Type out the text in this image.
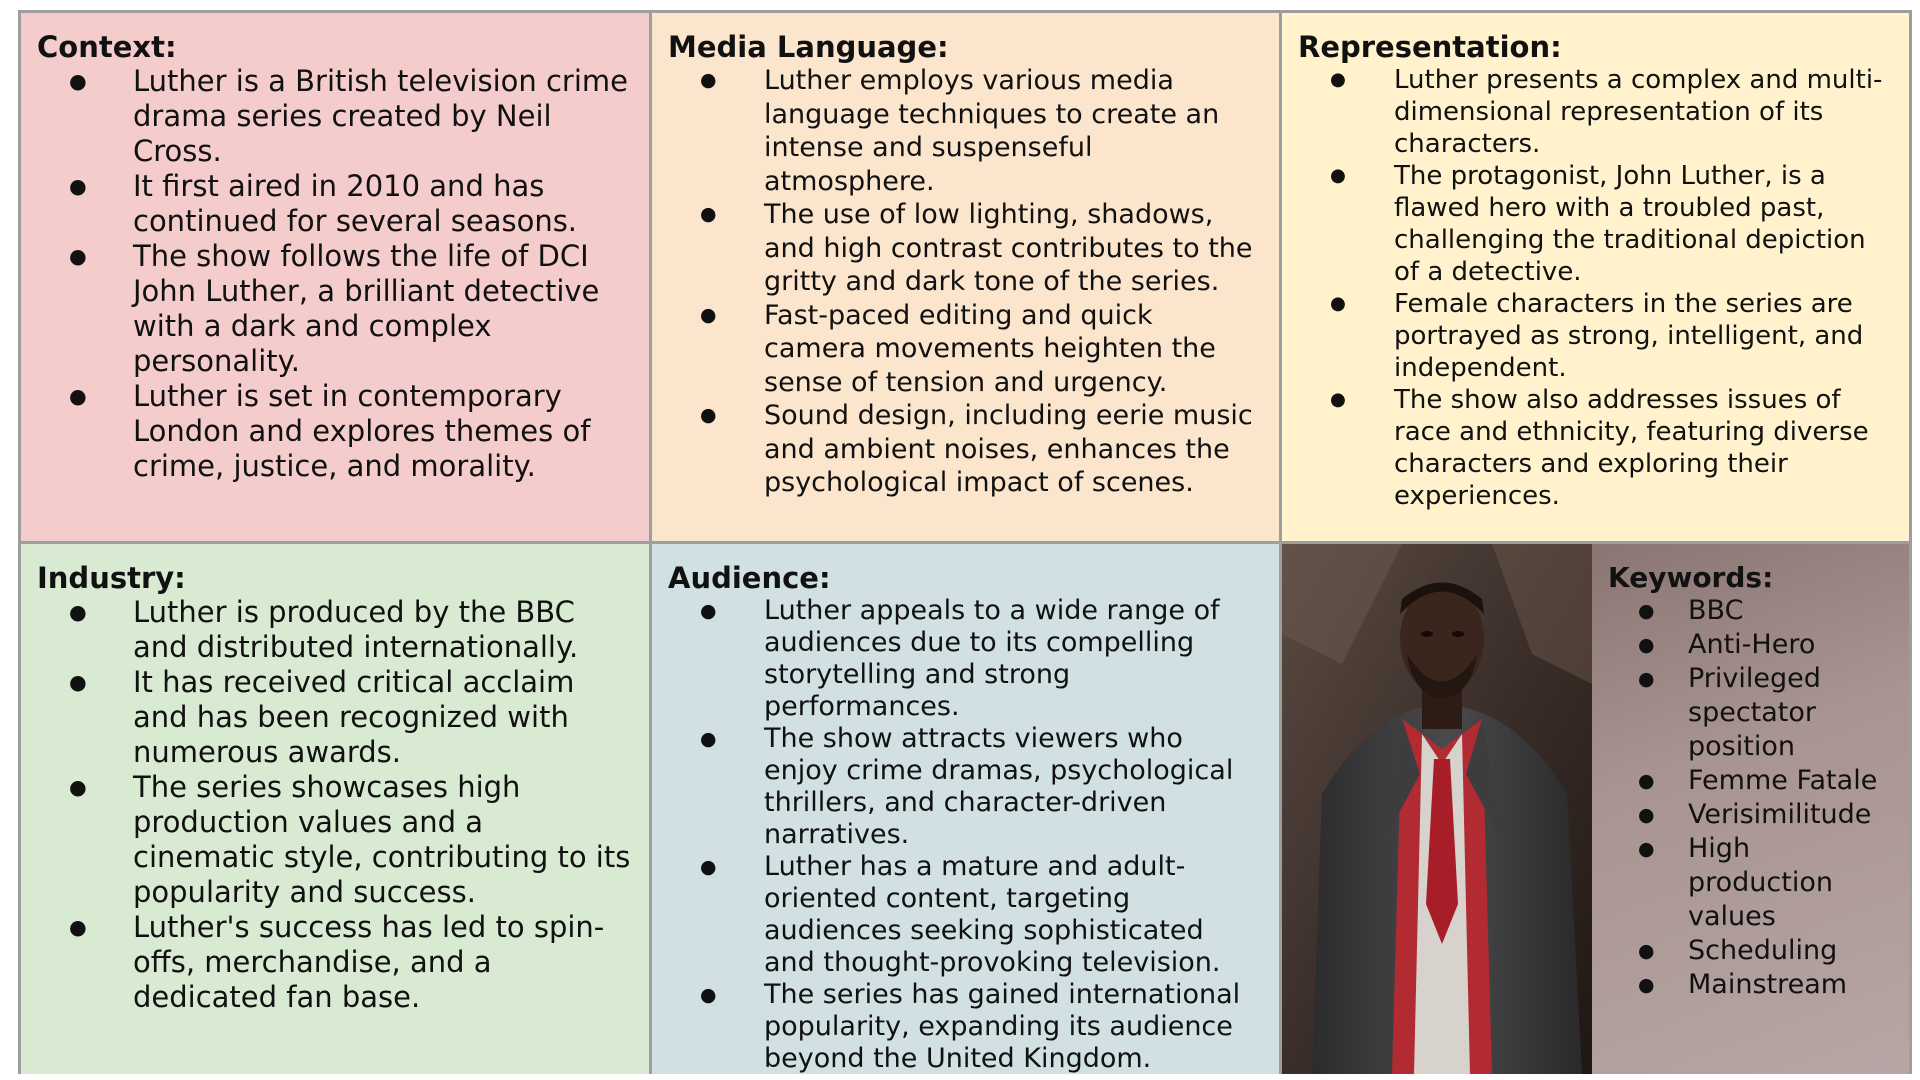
Context:
● Luther is a British television crime drama series created by Neil Cross.
● It first aired in 2010 and has continued for several seasons.
● The show follows the life of DCI John Luther, a brilliant detective with a dark and complex personality.
● Luther is set in contemporary London and explores themes of crime, justice, and morality.
Media Language:
● Luther employs various media language techniques to create an intense and suspenseful atmosphere.
● The use of low lighting, shadows, and high contrast contributes to the gritty and dark tone of the series.
● Fast-paced editing and quick camera movements heighten the sense of tension and urgency.
● Sound design, including eerie music and ambient noises, enhances the psychological impact of scenes.
Representation:
● Luther presents a complex and multi-dimensional representation of its characters.
● The protagonist, John Luther, is a flawed hero with a troubled past, challenging the traditional depiction of a detective.
● Female characters in the series are portrayed as strong, intelligent, and independent.
● The show also addresses issues of race and ethnicity, featuring diverse characters and exploring their experiences.
Industry:
● Luther is produced by the BBC and distributed internationally.
● It has received critical acclaim and has been recognized with numerous awards.
● The series showcases high production values and a cinematic style, contributing to its popularity and success.
● Luther's success has led to spin-offs, merchandise, and a dedicated fan base.
Audience:
● Luther appeals to a wide range of audiences due to its compelling storytelling and strong performances.
● The show attracts viewers who enjoy crime dramas, psychological thrillers, and character-driven narratives.
● Luther has a mature and adult-oriented content, targeting audiences seeking sophisticated and thought-provoking television.
● The series has gained international popularity, expanding its audience beyond the United Kingdom.
Keywords:
● BBC
● Anti-Hero
● Privileged spectator position
● Femme Fatale
● Verisimilitude
● High production values
● Scheduling
● Mainstream
